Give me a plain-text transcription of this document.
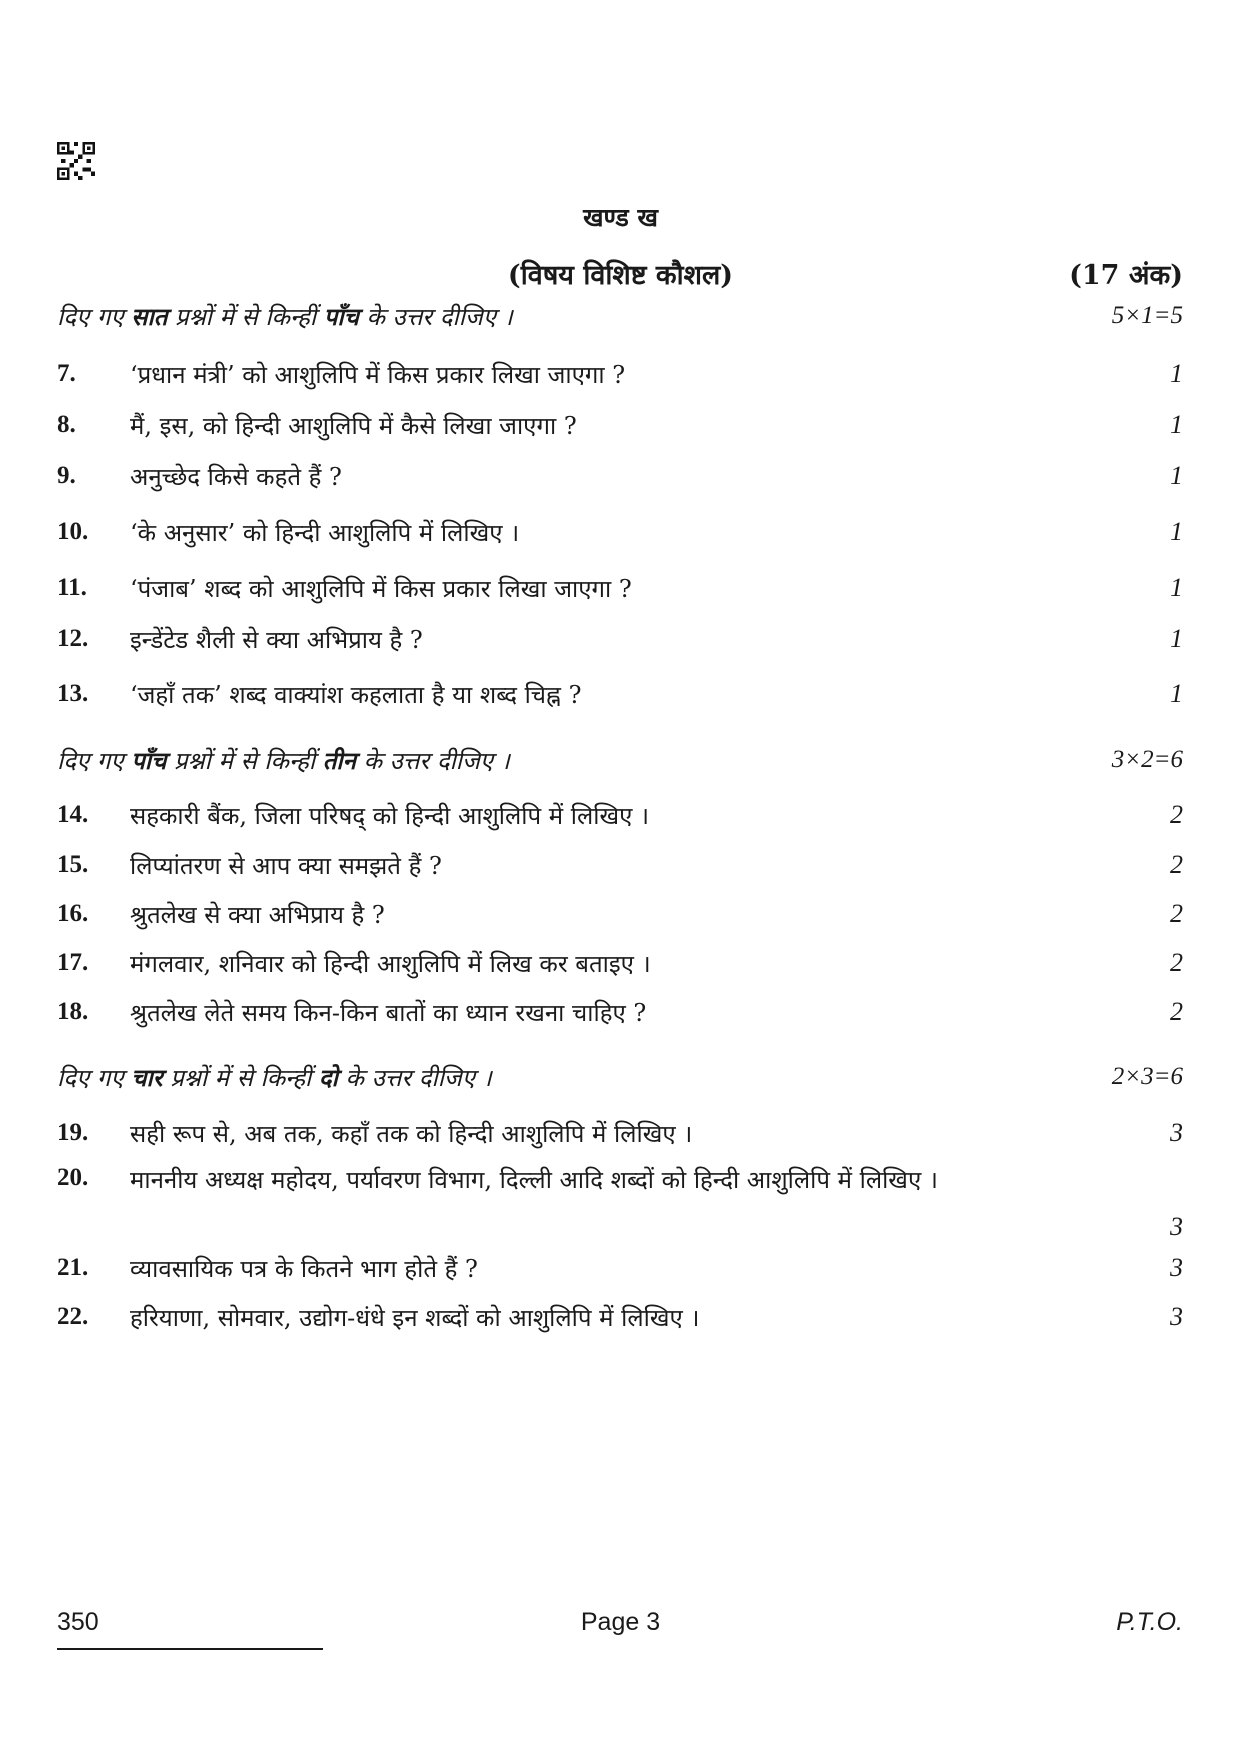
खण्ड ख
(विषय विशिष्ट कौशल)	(17 अंक)
दिए गए सात प्रश्नों में से किन्हीं पाँच के उत्तर दीजिए ।	5×1=5
7.	‘प्रधान मंत्री’ को आशुलिपि में किस प्रकार लिखा जाएगा ?	1
8.	मैं, इस, को हिन्दी आशुलिपि में कैसे लिखा जाएगा ?	1
9.	अनुच्छेद किसे कहते हैं ?	1
10.	‘के अनुसार’ को हिन्दी आशुलिपि में लिखिए ।	1
11.	‘पंजाब’ शब्द को आशुलिपि में किस प्रकार लिखा जाएगा ?	1
12.	इन्डेंटेड शैली से क्या अभिप्राय है ?	1
13.	‘जहाँ तक’ शब्द वाक्यांश कहलाता है या शब्द चिह्न ?	1
दिए गए पाँच प्रश्नों में से किन्हीं तीन के उत्तर दीजिए ।	3×2=6
14.	सहकारी बैंक, जिला परिषद् को हिन्दी आशुलिपि में लिखिए ।	2
15.	लिप्यांतरण से आप क्या समझते हैं ?	2
16.	श्रुतलेख से क्या अभिप्राय है ?	2
17.	मंगलवार, शनिवार को हिन्दी आशुलिपि में लिख कर बताइए ।	2
18.	श्रुतलेख लेते समय किन-किन बातों का ध्यान रखना चाहिए ?	2
दिए गए चार प्रश्नों में से किन्हीं दो के उत्तर दीजिए ।	2×3=6
19.	सही रूप से, अब तक, कहाँ तक को हिन्दी आशुलिपि में लिखिए ।	3
20.	माननीय अध्यक्ष महोदय, पर्यावरण विभाग, दिल्ली आदि शब्दों को हिन्दी आशुलिपि में लिखिए ।
3
21.	व्यावसायिक पत्र के कितने भाग होते हैं ?	3
22.	हरियाणा, सोमवार, उद्योग-धंधे इन शब्दों को आशुलिपि में लिखिए ।	3
350	Page 3	P.T.O.
